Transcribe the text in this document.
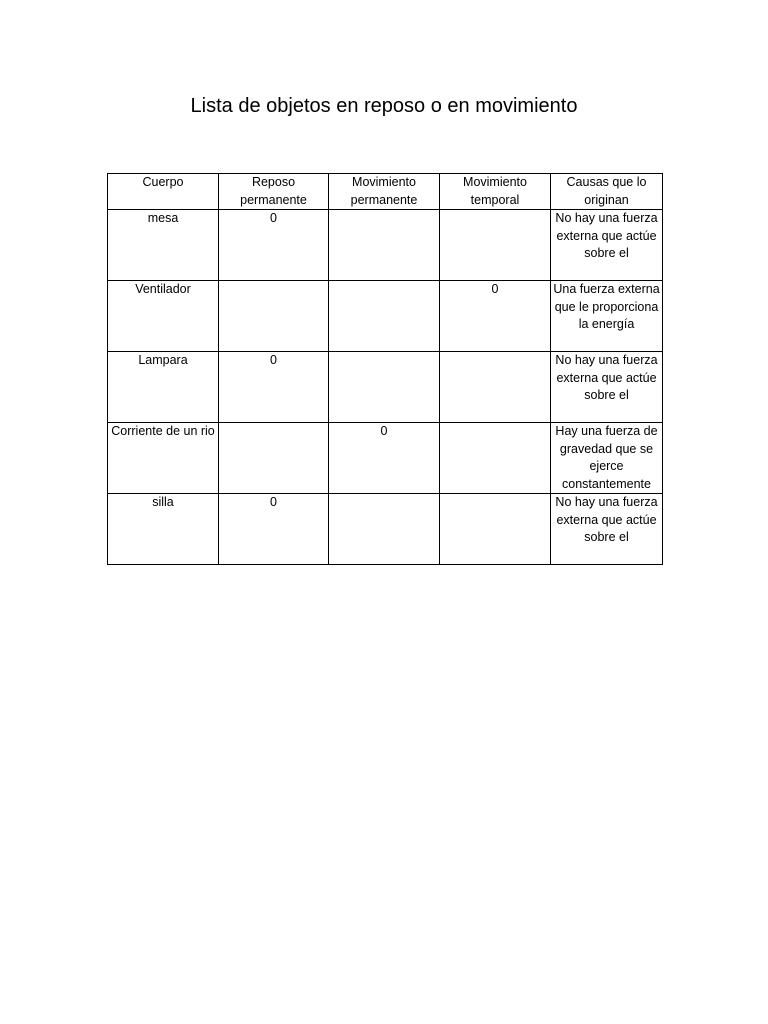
Lista de objetos en reposo o en movimiento
Cuerpo	Reposo permanente	Movimiento permanente	Movimiento temporal	Causas que lo originan
mesa	0			No hay una fuerza externa que actúe sobre el
Ventilador			0	Una fuerza externa que le proporciona la energía
Lampara	0			No hay una fuerza externa que actúe sobre el
Corriente de un rio		0		Hay una fuerza de gravedad que se ejerce constantemente
silla	0			No hay una fuerza externa que actúe sobre el
